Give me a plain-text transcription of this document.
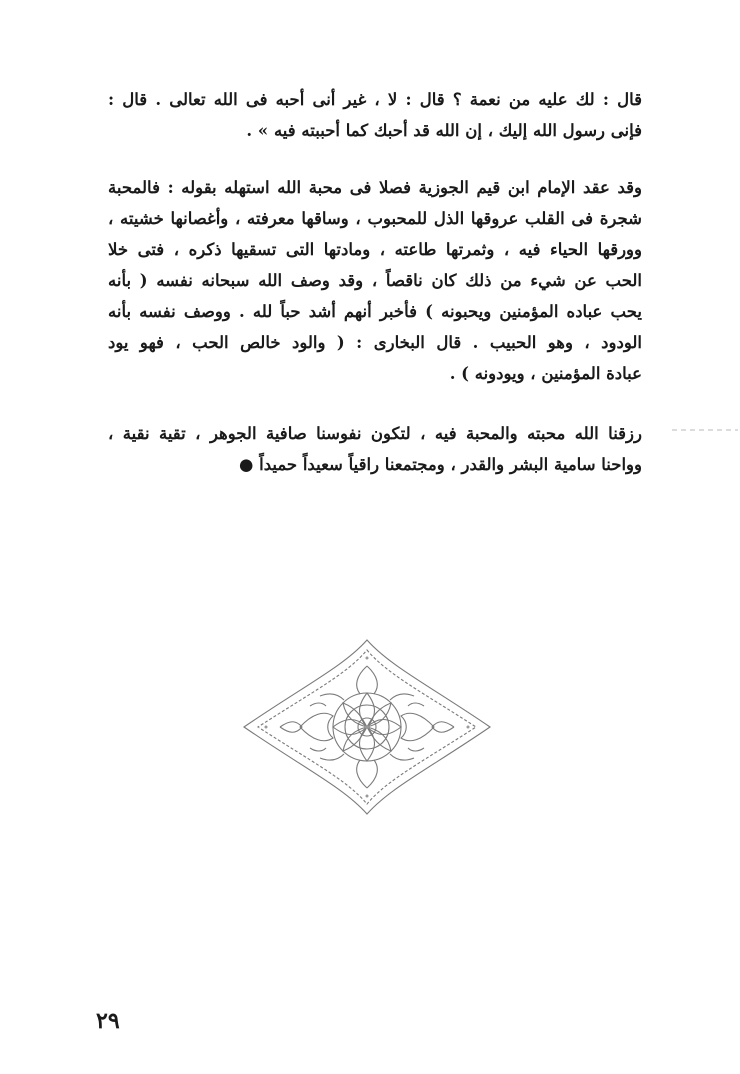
قال : لك عليه من نعمة ؟ قال : لا ، غير أنى أحبه فى الله تعالى . قال :
فإنى رسول الله إليك ، إن الله قد أحبك كما أحببته فيه » .
وقد عقد الإمام ابن قيم الجوزية فصلا فى محبة الله استهله بقوله : فالمحبة
شجرة فى القلب عروقها الذل للمحبوب ، وساقها معرفته ، وأغصانها خشيته ،
وورقها الحياء فيه ، وثمرتها طاعته ، ومادتها التى تسقيها ذكره ، فتى خلا
الحب عن شيء من ذلك كان ناقصاً ، وقد وصف الله سبحانه نفسه ( بأنه
يحب عباده المؤمنين ويحبونه ) فأخبر أنهم أشد حباً لله . ووصف نفسه بأنه
الودود ، وهو الحبيب . قال البخارى : ( والود خالص الحب ، فهو يود
عبادة المؤمنين ، ويودونه ) .
رزقنا الله محبته والمحبة فيه ، لتكون نفوسنا صافية الجوهر ، تقية نقية ،
وواحنا سامية البشر والقدر ، ومجتمعنا راقياً سعيداً حميداً ●
٢٩
